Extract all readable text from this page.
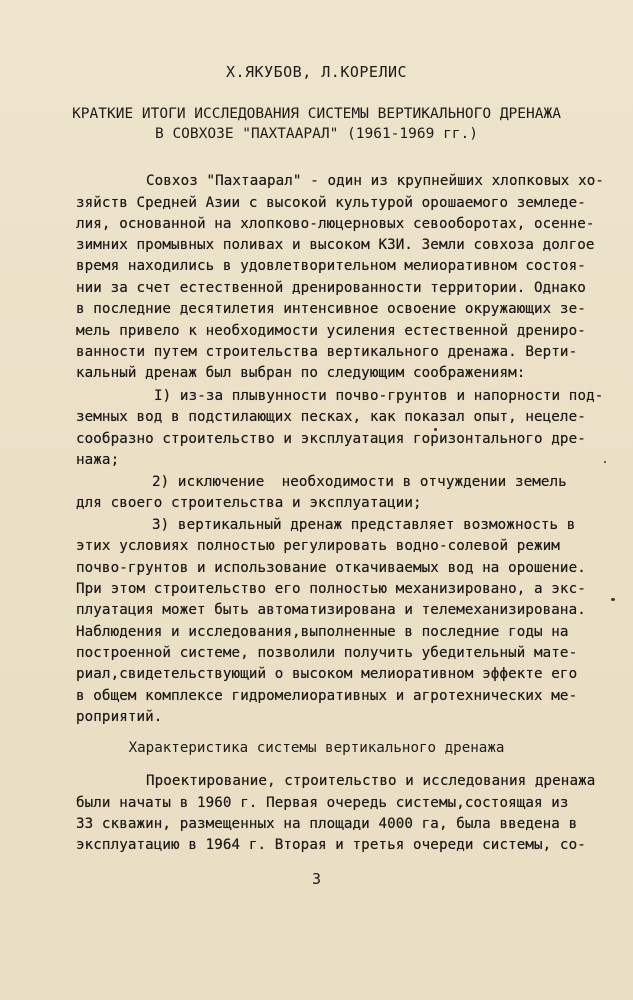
Х.ЯКУБОВ, Л.КОРЕЛИС
КРАТКИЕ ИТОГИ ИССЛЕДОВАНИЯ СИСТЕМЫ ВЕРТИКАЛЬНОГО ДРЕНАЖА
В СОВХОЗЕ "ПАХТААРАЛ" (1961-1969 гг.)
Совхоз "Пахтаарал" - один из крупнейших хлопковых хо-
зяйств Средней Азии с высокой культурой орошаемого земледе-
лия, основанной на хлопково-люцерновых севооборотах, осенне-
зимних промывных поливах и высоком КЗИ. Земли совхоза долгое
время находились в удовлетворительном мелиоративном состоя-
нии за счет естественной дренированности территории. Однако
в последние десятилетия интенсивное освоение окружающих зе-
мель привело к необходимости усиления естественной дрениро-
ванности путем строительства вертикального дренажа. Верти-
кальный дренаж был выбран по следующим соображениям:
I) из-за плывунности почво-грунтов и напорности под-
земных вод в подстилающих песках, как показал опыт, нецеле-
сообразно строительство и эксплуатация горизонтального дре-
нажа;
2) исключение  необходимости в отчуждении земель
для своего строительства и эксплуатации;
3) вертикальный дренаж представляет возможность в
этих условиях полностью регулировать водно-солевой режим
почво-грунтов и использование откачиваемых вод на орошение.
При этом строительство его полностью механизировано, а экс-
плуатация может быть автоматизирована и телемеханизирована.
Наблюдения и исследования,выполненные в последние годы на
построенной системе, позволили получить убедительный мате-
риал,свидетельствующий о высоком мелиоративном эффекте его
в общем комплексе гидромелиоративных и агротехнических ме-
роприятий.
Характеристика системы вертикального дренажа
Проектирование, строительство и исследования дренажа
были начаты в 1960 г. Первая очередь системы,состоящая из
33 скважин, размещенных на площади 4000 га, была введена в
эксплуатацию в 1964 г. Вторая и третья очереди системы, со-
3
